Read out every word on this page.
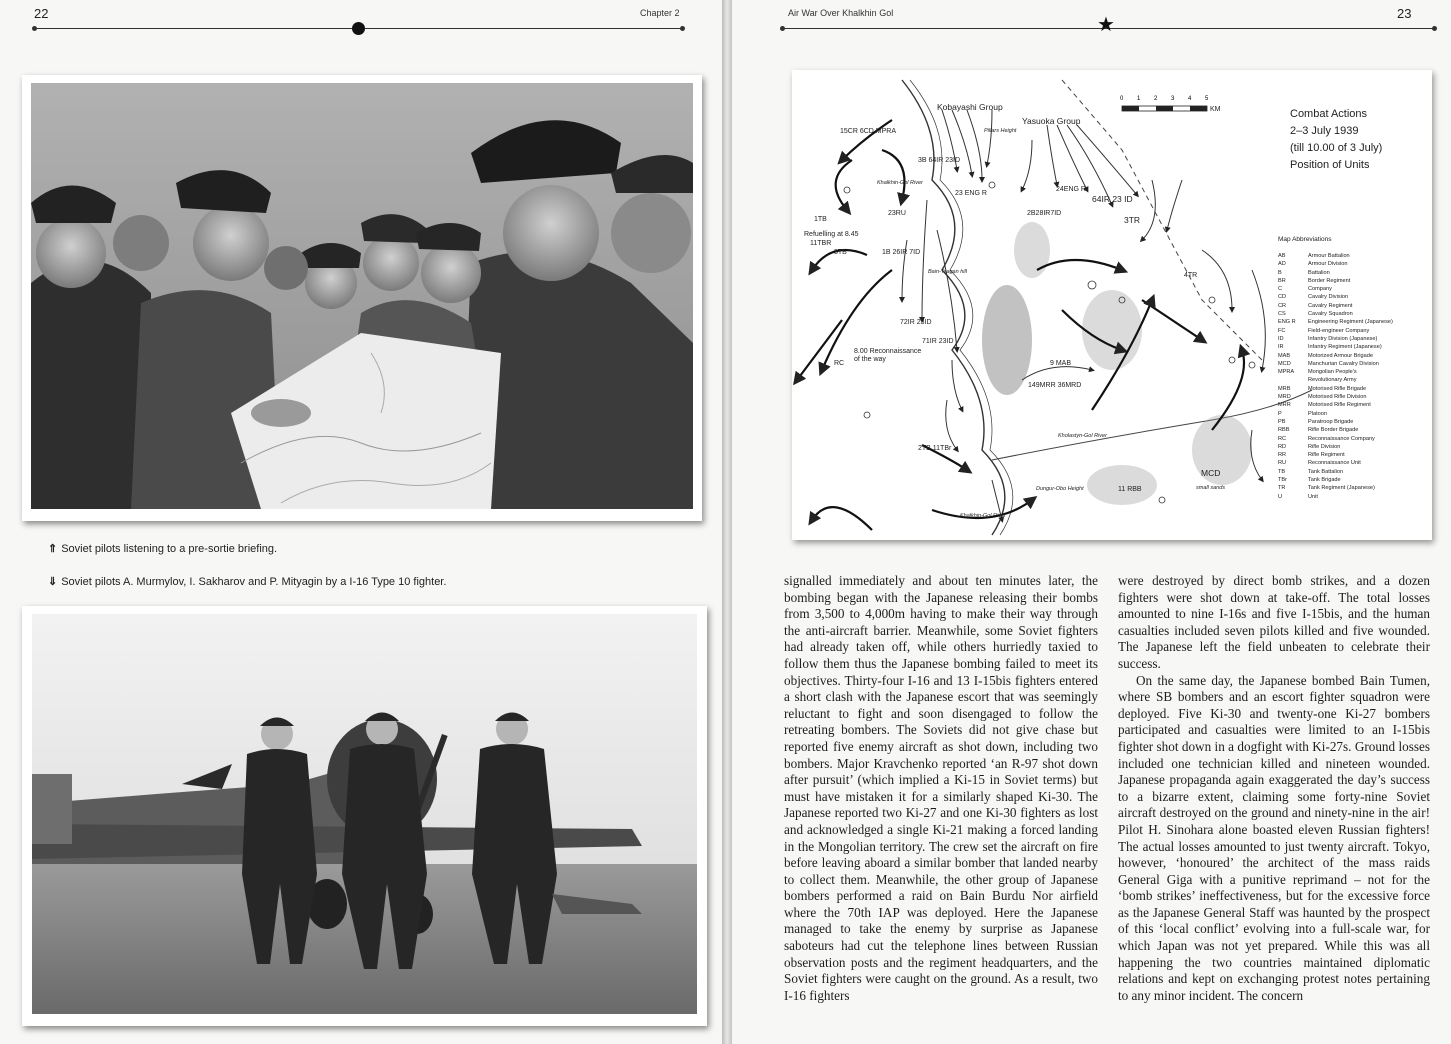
22	Chapter 2
⇑ Soviet pilots listening to a pre-sortie briefing.
⇓ Soviet pilots A. Murmylov, I. Sakharov and P. Mityagin by a I-16 Type 10 fighter.
Air War Over Khalkhin Gol	23
★
Kobayashi Group
Yasuoka Group
15CR 6CD MPRA	Pillars Height
3B 64IR 23ID
Khalkhin-Gol River
23 ENG R
24ENG R
64IR 23 ID
2B28IR7ID
3TR
1TB
23RU
Refuelling at 8.45
11TBR
3TB	1B 26IR 7ID
Bain-Tsagan hill	4TR
72IR 23ID
71IR 23ID
8.00 Reconnaissance of the way
RC	9 MAB
149MRR 36MRD
Kholastyn-Gol River
2TB 11TBr
MCD
small sands
Dungur-Obo Height	11 RBB
Khalkhin-Gol River
KM
0 1 2 3 4 5
Combat Actions
2–3 July 1939
(till 10.00 of 3 July)
Position of Units
Map Abbreviations
AB	Armour Battalion
AD	Armour Division
B	Battalion
BR	Border Regiment
C	Company
CD	Cavalry Division
CR	Cavalry Regiment
CS	Cavalry Squadron
ENG R	Engineering Regiment (Japanese)
FC	Field-engineer Company
ID	Infantry Division (Japanese)
IR	Infantry Regiment (Japanese)
MAB	Motorized Armour Brigade
MCD	Manchurian Cavalry Division
MPRA	Mongolian People's
Revolutionary Army
MRB	Motorised Rifle Brigade
MRD	Motorised Rifle Division
MRR	Motorised Rifle Regiment
P	Platoon
PB	Paratroop Brigade
RBB	Rifle Border Brigade
RC	Reconnaissance Company
RD	Rifle Division
RR	Rifle Regiment
RU	Reconnaissance Unit
TB	Tank Battalion
TBr	Tank Brigade
TR	Tank Regiment (Japanese)
U	Unit

signalled immediately and about ten minutes later, the bombing began with the Japanese releasing their bombs from 3,500 to 4,000m having to make their way through the anti-aircraft barrier. Meanwhile, some Soviet fighters had already taken off, while others hurriedly taxied to follow them thus the Japanese bombing failed to meet its objectives. Thirty-four I-16 and 13 I-15bis fighters entered a short clash with the Japanese escort that was seemingly reluctant to fight and soon disengaged to follow the retreating bombers. The Soviets did not give chase but reported five enemy aircraft as shot down, including two bombers. Major Kravchenko reported ‘an R-97 shot down after pursuit’ (which implied a Ki-15 in Soviet terms) but must have mistaken it for a similarly shaped Ki-30. The Japanese reported two Ki-27 and one Ki-30 fighters as lost and acknowledged a single Ki-21 making a forced landing in the Mongolian territory. The crew set the aircraft on fire before leaving aboard a similar bomber that landed nearby to collect them. Meanwhile, the other group of Japanese bombers performed a raid on Bain Burdu Nor airfield where the 70th IAP was deployed. Here the Japanese managed to take the enemy by surprise as Japanese saboteurs had cut the telephone lines between Russian observation posts and the regiment headquarters, and the Soviet fighters were caught on the ground. As a result, two I-16 fighters

were destroyed by direct bomb strikes, and a dozen fighters were shot down at take-off. The total losses amounted to nine I-16s and five I-15bis, and the human casualties included seven pilots killed and five wounded. The Japanese left the field unbeaten to celebrate their success.

On the same day, the Japanese bombed Bain Tumen, where SB bombers and an escort fighter squadron were deployed. Five Ki-30 and twenty-one Ki-27 bombers participated and casualties were limited to an I-15bis fighter shot down in a dogfight with Ki-27s. Ground losses included one technician killed and nineteen wounded. Japanese propaganda again exaggerated the day’s success to a bizarre extent, claiming some forty-nine Soviet aircraft destroyed on the ground and ninety-nine in the air! Pilot H. Sinohara alone boasted eleven Russian fighters! The actual losses amounted to just twenty aircraft. Tokyo, however, ‘honoured’ the architect of the mass raids General Giga with a punitive reprimand – not for the ‘bomb strikes’ ineffectiveness, but for the excessive force as the Japanese General Staff was haunted by the prospect of this ‘local conflict’ evolving into a full-scale war, for which Japan was not yet prepared. While this was all happening the two countries maintained diplomatic relations and kept on exchanging protest notes pertaining to any minor incident. The concern
